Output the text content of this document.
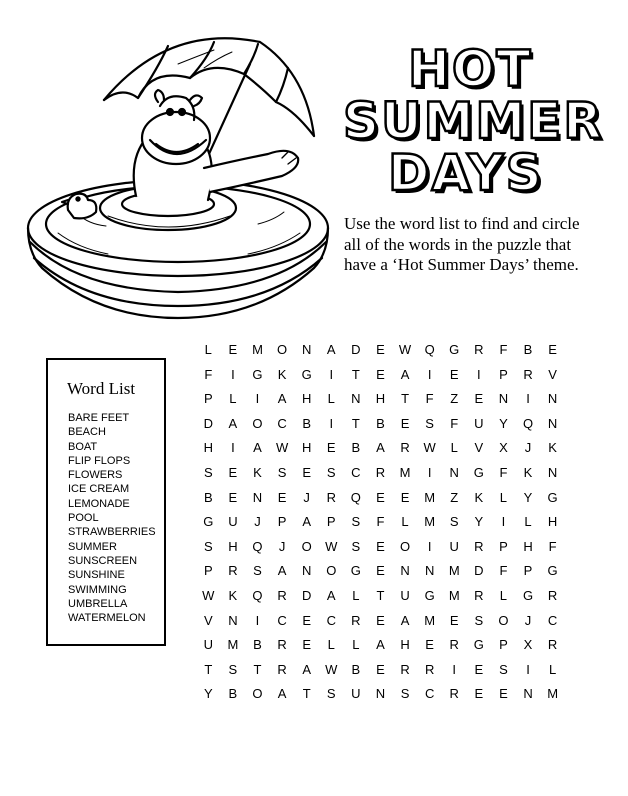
HOT
SUMMER
DAYS
Use the word list to find and circle all of the words in the puzzle that have a ‘Hot Summer Days’ theme.
Word List
BARE FEET
BEACH
BOAT
FLIP FLOPS
FLOWERS
ICE CREAM
LEMONADE
POOL
STRAWBERRIES
SUMMER
SUNSCREEN
SUNSHINE
SWIMMING
UMBRELLA
WATERMELON
L	E	M	O	N	A	D	E	W	Q	G	R	F	B	E
F	I	G	K	G	I	T	E	A	I	E	I	P	R	V
P	L	I	A	H	L	N	H	T	F	Z	E	N	I	N
D	A	O	C	B	I	T	B	E	S	F	U	Y	Q	N
H	I	A	W	H	E	B	A	R	W	L	V	X	J	K
S	E	K	S	E	S	C	R	M	I	N	G	F	K	N
B	E	N	E	J	R	Q	E	E	M	Z	K	L	Y	G
G	U	J	P	A	P	S	F	L	M	S	Y	I	L	H
S	H	Q	J	O	W	S	E	O	I	U	R	P	H	F
P	R	S	A	N	O	G	E	N	N	M	D	F	P	G
W	K	Q	R	D	A	L	T	U	G	M	R	L	G	R
V	N	I	C	E	C	R	E	A	M	E	S	O	J	C
U	M	B	R	E	L	L	A	H	E	R	G	P	X	R
T	S	T	R	A	W	B	E	R	R	I	E	S	I	L
Y	B	O	A	T	S	U	N	S	C	R	E	E	N	M
